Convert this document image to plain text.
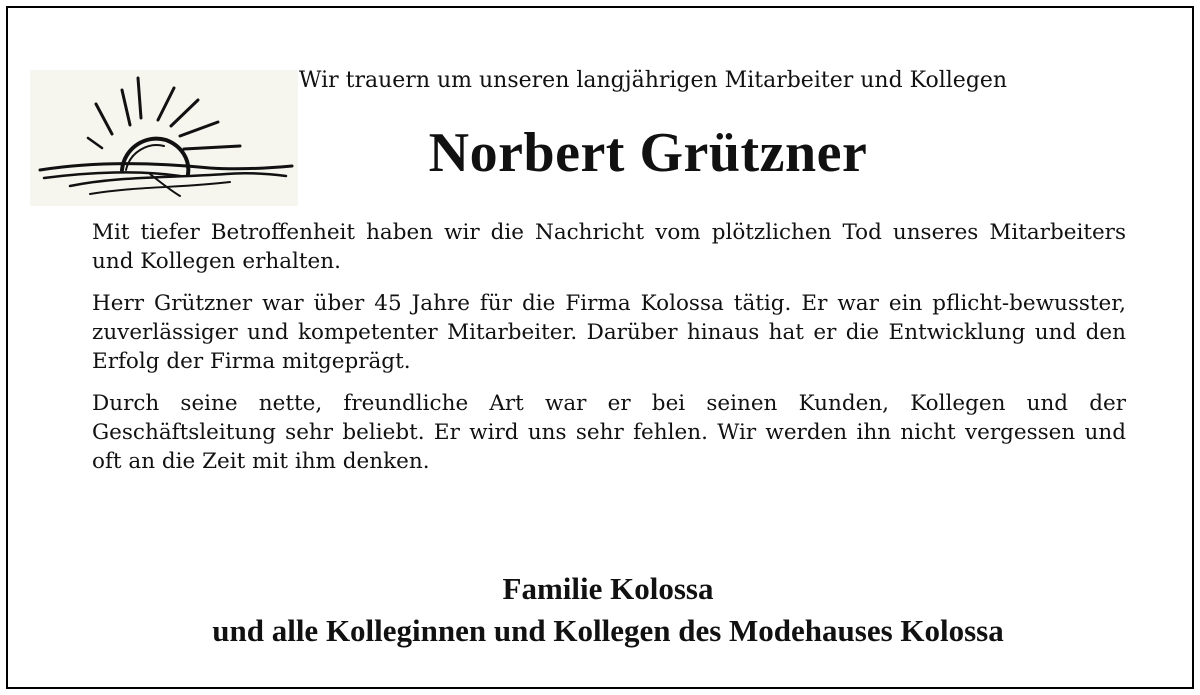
Wir trauern um unseren langjährigen Mitarbeiter und Kollegen
Norbert Grützner

Mit tiefer Betroffenheit haben wir die Nachricht vom plötzlichen Tod unseres Mitarbeiters und Kollegen erhalten.

Herr Grützner war über 45 Jahre für die Firma Kolossa tätig. Er war ein pflicht-bewusster, zuverlässiger und kompetenter Mitarbeiter. Darüber hinaus hat er die Entwicklung und den Erfolg der Firma mitgeprägt.

Durch seine nette, freundliche Art war er bei seinen Kunden, Kollegen und der Geschäftsleitung sehr beliebt. Er wird uns sehr fehlen. Wir werden ihn nicht vergessen und oft an die Zeit mit ihm denken.

Familie Kolossa
und alle Kolleginnen und Kollegen des Modehauses Kolossa
